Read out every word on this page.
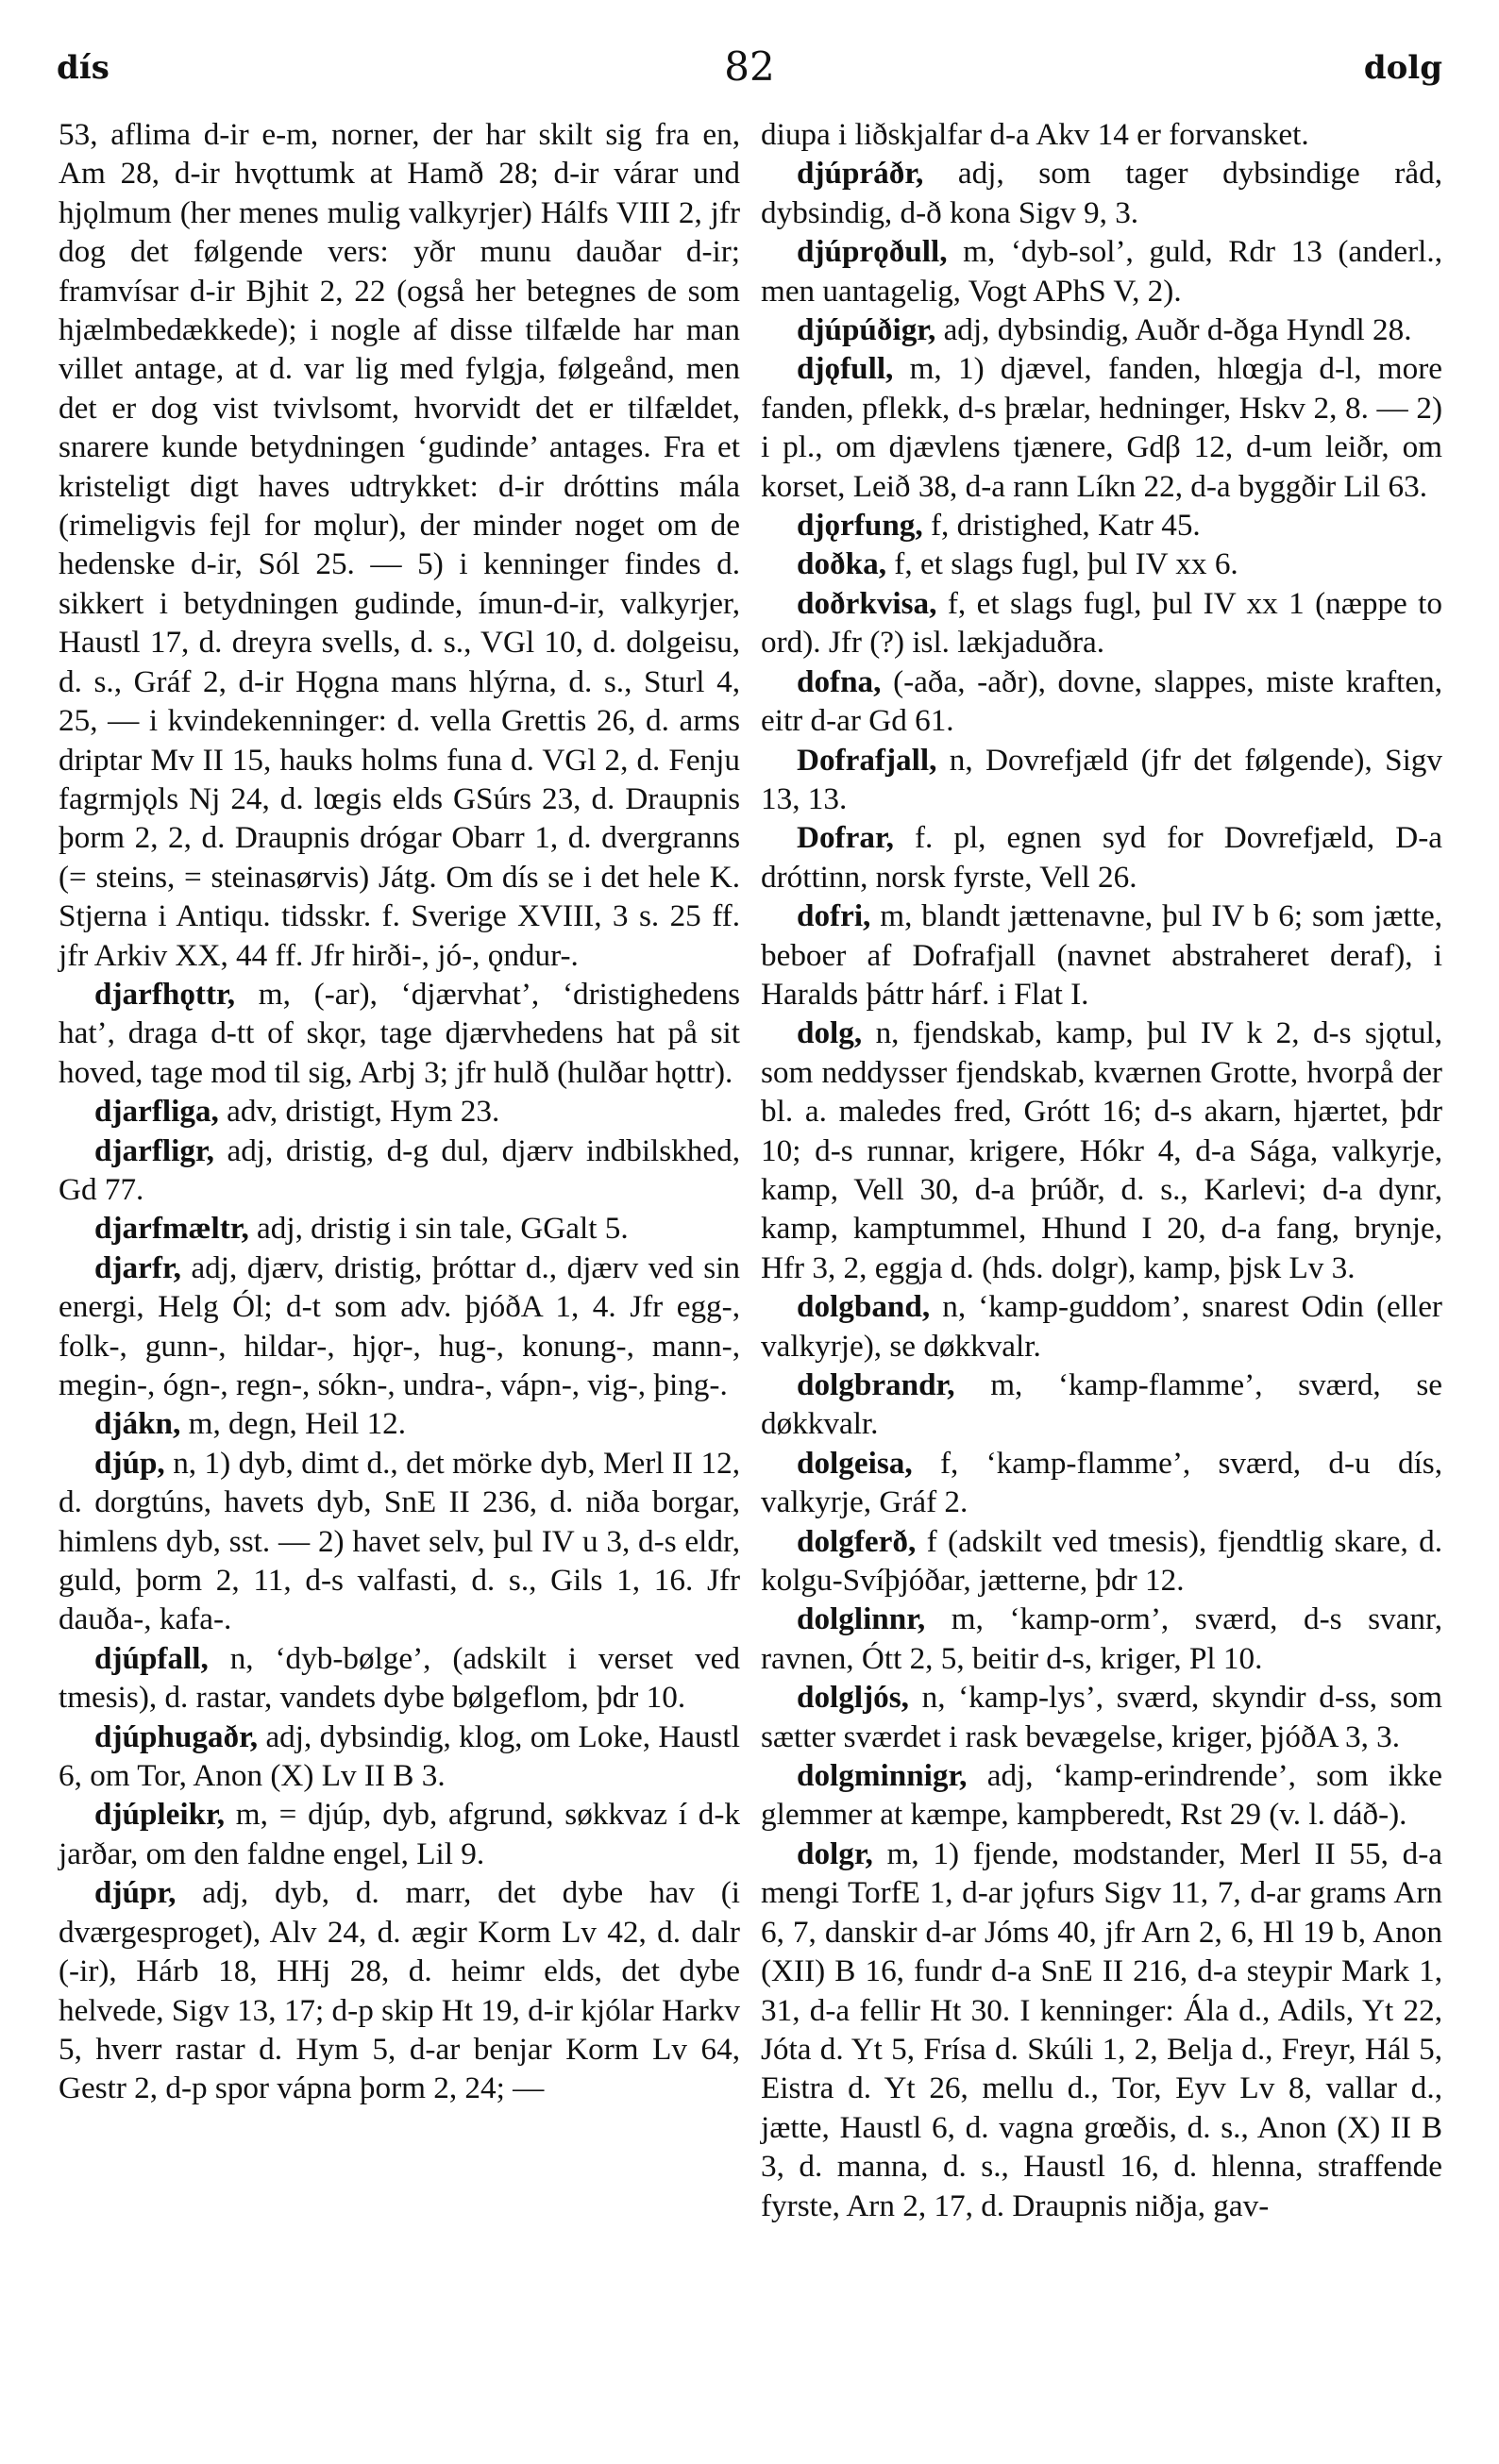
dís	82	dolg

53, aflima d-ir e-m, norner, der har skilt sig fra en, Am 28, d-ir hvǫttumk at Hamð 28; d-ir várar und hjǫlmum (her menes mulig valkyrjer) Hálfs VIII 2, jfr dog det følgende vers: yðr munu dauðar d-ir; framvísar d-ir Bjhit 2, 22 (også her betegnes de som hjælmbedækkede); i nogle af disse tilfælde har man villet antage, at d. var lig med fylgja, følgeånd, men det er dog vist tvivlsomt, hvorvidt det er tilfældet, snarere kunde betydningen ‘gudinde’ antages. Fra et kristeligt digt haves udtrykket: d-ir dróttins mála (rimeligvis fejl for mǫlur), der minder noget om de hedenske d-ir, Sól 25. — 5) i kenninger findes d. sikkert i betydningen gudinde, ímun-d-ir, valkyrjer, Haustl 17, d. dreyra svells, d. s., VGl 10, d. dolgeisu, d. s., Gráf 2, d-ir Hǫgna mans hlýrna, d. s., Sturl 4, 25, — i kvindekenninger: d. vella Grettis 26, d. arms driptar Mv II 15, hauks holms funa d. VGl 2, d. Fenju fagrmjǫls Nj 24, d. lœgis elds GSúrs 23, d. Draupnis þorm 2, 2, d. Draupnis drógar Obarr 1, d. dvergranns (= steins, = steinasørvis) Játg. Om dís se i det hele K. Stjerna i Antiqu. tidsskr. f. Sverige XVIII, 3 s. 25 ff. jfr Arkiv XX, 44 ff. Jfr hirði-, jó-, ǫndur-.

djarfhǫttr, m, (-ar), ‘djærvhat’, ‘dristighedens hat’, draga d-tt of skǫr, tage djærvhedens hat på sit hoved, tage mod til sig, Arbj 3; jfr hulð (hulðar hǫttr).

djarfliga, adv, dristigt, Hym 23.

djarfligr, adj, dristig, d-g dul, djærv indbilskhed, Gd 77.

djarfmæltr, adj, dristig i sin tale, GGalt 5.

djarfr, adj, djærv, dristig, þróttar d., djærv ved sin energi, Helg Ól; d-t som adv. þjóðA 1, 4. Jfr egg-, folk-, gunn-, hildar-, hjǫr-, hug-, konung-, mann-, megin-, ógn-, regn-, sókn-, undra-, vápn-, vig-, þing-.

djákn, m, degn, Heil 12.

djúp, n, 1) dyb, dimt d., det mörke dyb, Merl II 12, d. dorgtúns, havets dyb, SnE II 236, d. niða borgar, himlens dyb, sst. — 2) havet selv, þul IV u 3, d-s eldr, guld, þorm 2, 11, d-s valfasti, d. s., Gils 1, 16. Jfr dauða-, kafa-.

djúpfall, n, ‘dyb-bølge’, (adskilt i verset ved tmesis), d. rastar, vandets dybe bølgeflom, þdr 10.

djúphugaðr, adj, dybsindig, klog, om Loke, Haustl 6, om Tor, Anon (X) Lv II B 3.

djúpleikr, m, = djúp, dyb, afgrund, søkkvaz í d-k jarðar, om den faldne engel, Lil 9.

djúpr, adj, dyb, d. marr, det dybe hav (i dværgesproget), Alv 24, d. ægir Korm Lv 42, d. dalr (-ir), Hárb 18, HHj 28, d. heimr elds, det dybe helvede, Sigv 13, 17; d-p skip Ht 19, d-ir kjólar Harkv 5, hverr rastar d. Hym 5, d-ar benjar Korm Lv 64, Gestr 2, d-p spor vápna þorm 2, 24; —

diupa i liðskjalfar d-a Akv 14 er forvansket.

djúpráðr, adj, som tager dybsindige råd, dybsindig, d-ð kona Sigv 9, 3.

djúprǫðull, m, ‘dyb-sol’, guld, Rdr 13 (anderl., men uantagelig, Vogt APhS V, 2).

djúpúðigr, adj, dybsindig, Auðr d-ðga Hyndl 28.

djǫfull, m, 1) djævel, fanden, hlœgja d-l, more fanden, pflekk, d-s þrælar, hedninger, Hskv 2, 8. — 2) i pl., om djævlens tjænere, Gdβ 12, d-um leiðr, om korset, Leið 38, d-a rann Líkn 22, d-a byggðir Lil 63.

djǫrfung, f, dristighed, Katr 45.

doðka, f, et slags fugl, þul IV xx 6.

doðrkvisa, f, et slags fugl, þul IV xx 1 (næppe to ord). Jfr (?) isl. lækjaduðra.

dofna, (-aða, -aðr), dovne, slappes, miste kraften, eitr d-ar Gd 61.

Dofrafjall, n, Dovrefjæld (jfr det følgende), Sigv 13, 13.

Dofrar, f. pl, egnen syd for Dovrefjæld, D-a dróttinn, norsk fyrste, Vell 26.

dofri, m, blandt jættenavne, þul IV b 6; som jætte, beboer af Dofrafjall (navnet abstraheret deraf), i Haralds þáttr hárf. i Flat I.

dolg, n, fjendskab, kamp, þul IV k 2, d-s sjǫtul, som neddysser fjendskab, kværnen Grotte, hvorpå der bl. a. maledes fred, Grótt 16; d-s akarn, hjærtet, þdr 10; d-s runnar, krigere, Hókr 4, d-a Sága, valkyrje, kamp, Vell 30, d-a þrúðr, d. s., Karlevi; d-a dynr, kamp, kamptummel, Hhund I 20, d-a fang, brynje, Hfr 3, 2, eggja d. (hds. dolgr), kamp, þjsk Lv 3.

dolgband, n, ‘kamp-guddom’, snarest Odin (eller valkyrje), se døkkvalr.

dolgbrandr, m, ‘kamp-flamme’, sværd, se døkkvalr.

dolgeisa, f, ‘kamp-flamme’, sværd, d-u dís, valkyrje, Gráf 2.

dolgferð, f (adskilt ved tmesis), fjendtlig skare, d. kolgu-Svíþjóðar, jætterne, þdr 12.

dolglinnr, m, ‘kamp-orm’, sværd, d-s svanr, ravnen, Ótt 2, 5, beitir d-s, kriger, Pl 10.

dolgljós, n, ‘kamp-lys’, sværd, skyndir d-ss, som sætter sværdet i rask bevægelse, kriger, þjóðA 3, 3.

dolgminnigr, adj, ‘kamp-erindrende’, som ikke glemmer at kæmpe, kampberedt, Rst 29 (v. l. dáð-).

dolgr, m, 1) fjende, modstander, Merl II 55, d-a mengi TorfE 1, d-ar jǫfurs Sigv 11, 7, d-ar grams Arn 6, 7, danskir d-ar Jóms 40, jfr Arn 2, 6, Hl 19 b, Anon (XII) B 16, fundr d-a SnE II 216, d-a steypir Mark 1, 31, d-a fellir Ht 30. I kenninger: Ála d., Adils, Yt 22, Jóta d. Yt 5, Frísa d. Skúli 1, 2, Belja d., Freyr, Hál 5, Eistra d. Yt 26, mellu d., Tor, Eyv Lv 8, vallar d., jætte, Haustl 6, d. vagna grœðis, d. s., Anon (X) II B 3, d. manna, d. s., Haustl 16, d. hlenna, straffende fyrste, Arn 2, 17, d. Draupnis niðja, gav-
